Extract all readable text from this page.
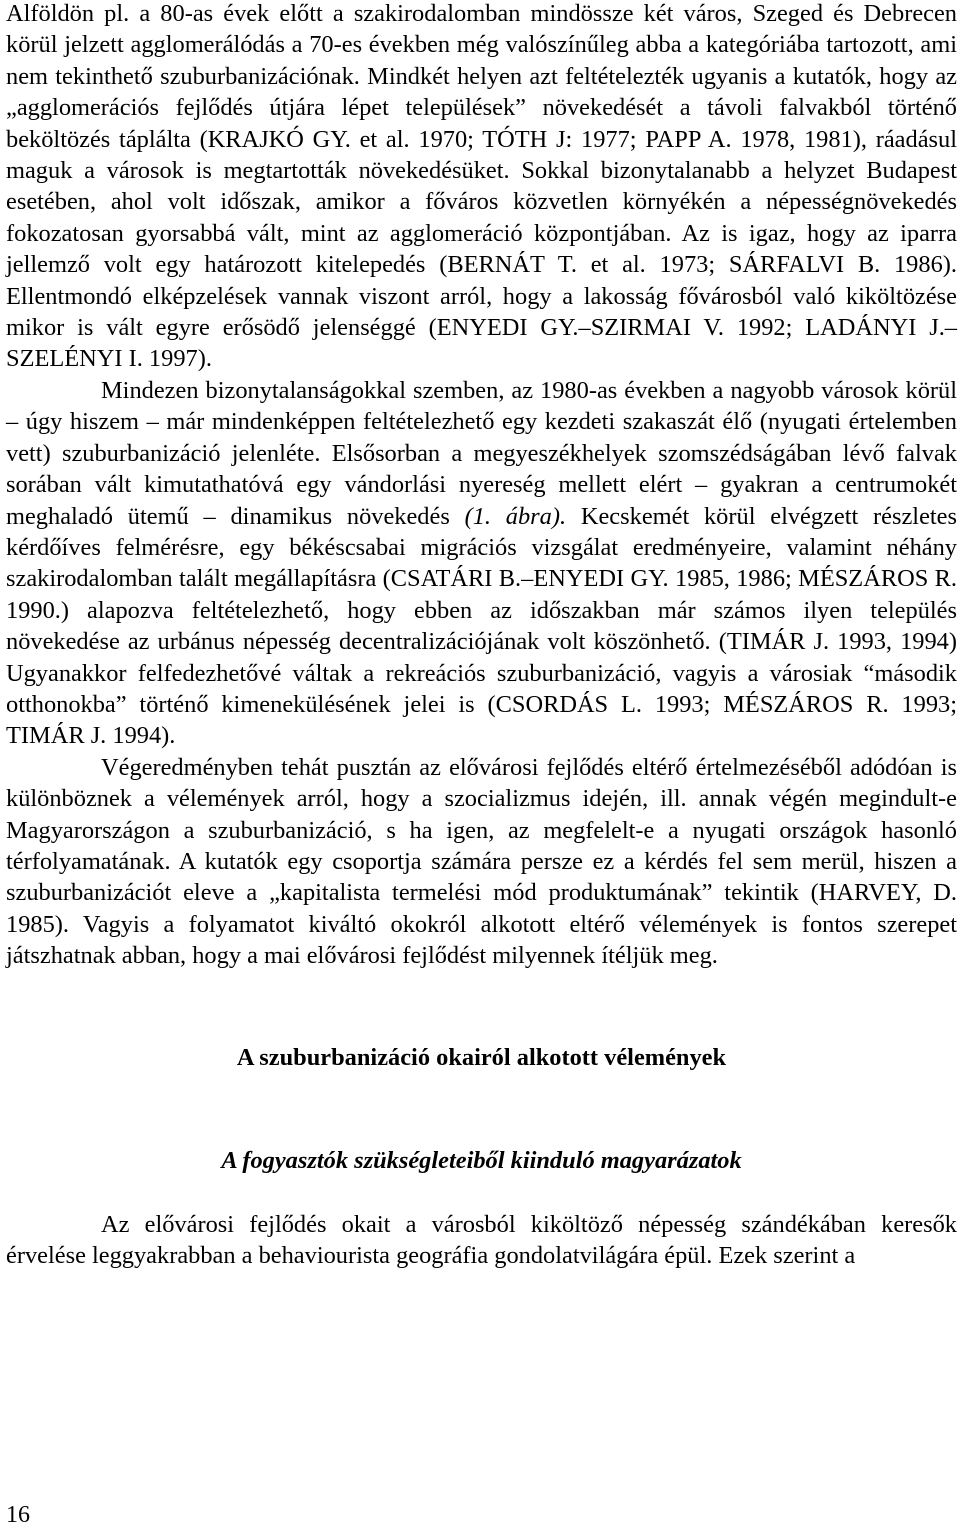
Alföldön pl. a 80-as évek előtt a szakirodalomban mindössze két város, Szeged és Debrecen körül jelzett agglomerálódás a 70-es években még valószínűleg abba a kategóriába tartozott, ami nem tekinthető szuburbanizációnak. Mindkét helyen azt feltételezték ugyanis a kutatók, hogy az „agglomerációs fejlődés útjára lépet települések” növekedését a távoli falvakból történő beköltözés táplálta (KRAJKÓ GY. et al. 1970; TÓTH J: 1977; PAPP A. 1978, 1981), ráadásul maguk a városok is megtartották növekedésüket. Sokkal bizonytalanabb a helyzet Budapest esetében, ahol volt időszak, amikor a főváros közvetlen környékén a népességnövekedés fokozatosan gyorsabbá vált, mint az agglomeráció központjában. Az is igaz, hogy az iparra jellemző volt egy határozott kitelepedés (BERNÁT T. et al. 1973; SÁRFALVI B. 1986). Ellentmondó elképzelések vannak viszont arról, hogy a lakosság fővárosból való kiköltözése mikor is vált egyre erősödő jelenséggé (ENYEDI GY.–SZIRMAI V. 1992; LADÁNYI J.–SZELÉNYI I. 1997).

Mindezen bizonytalanságokkal szemben, az 1980-as években a nagyobb városok körül – úgy hiszem – már mindenképpen feltételezhető egy kezdeti szakaszát élő (nyugati értelemben vett) szuburbanizáció jelenléte. Elsősorban a megyeszékhelyek szomszédságában lévő falvak sorában vált kimutathatóvá egy vándorlási nyereség mellett elért – gyakran a centrumokét meghaladó ütemű – dinamikus növekedés (1. ábra). Kecskemét körül elvégzett részletes kérdőíves felmérésre, egy békéscsabai migrációs vizsgálat eredményeire, valamint néhány szakirodalomban talált megállapításra (CSATÁRI B.–ENYEDI GY. 1985, 1986; MÉSZÁROS R. 1990.) alapozva feltételezhető, hogy ebben az időszakban már számos ilyen település növekedése az urbánus népesség decentralizációjának volt köszönhető. (TIMÁR J. 1993, 1994) Ugyanakkor felfedezhetővé váltak a rekreációs szuburbanizáció, vagyis a városiak “második otthonokba” történő kimenekülésének jelei is (CSORDÁS L. 1993; MÉSZÁROS R. 1993; TIMÁR J. 1994).

Végeredményben tehát pusztán az elővárosi fejlődés eltérő értelmezéséből adódóan is különböznek a vélemények arról, hogy a szocializmus idején, ill. annak végén megindult-e Magyarországon a szuburbanizáció, s ha igen, az megfelelt-e a nyugati országok hasonló térfolyamatának. A kutatók egy csoportja számára persze ez a kérdés fel sem merül, hiszen a szuburbanizációt eleve a „kapitalista termelési mód produktumának” tekintik (HARVEY, D. 1985). Vagyis a folyamatot kiváltó okokról alkotott eltérő vélemények is fontos szerepet játszhatnak abban, hogy a mai elővárosi fejlődést milyennek ítéljük meg.

A szuburbanizáció okairól alkotott vélemények
A fogyasztók szükségleteiből kiinduló magyarázatok

Az elővárosi fejlődés okait a városból kiköltöző népesség szándékában keresők érvelése leggyakrabban a behaviourista geográfia gondolatvilágára épül. Ezek szerint a

16
